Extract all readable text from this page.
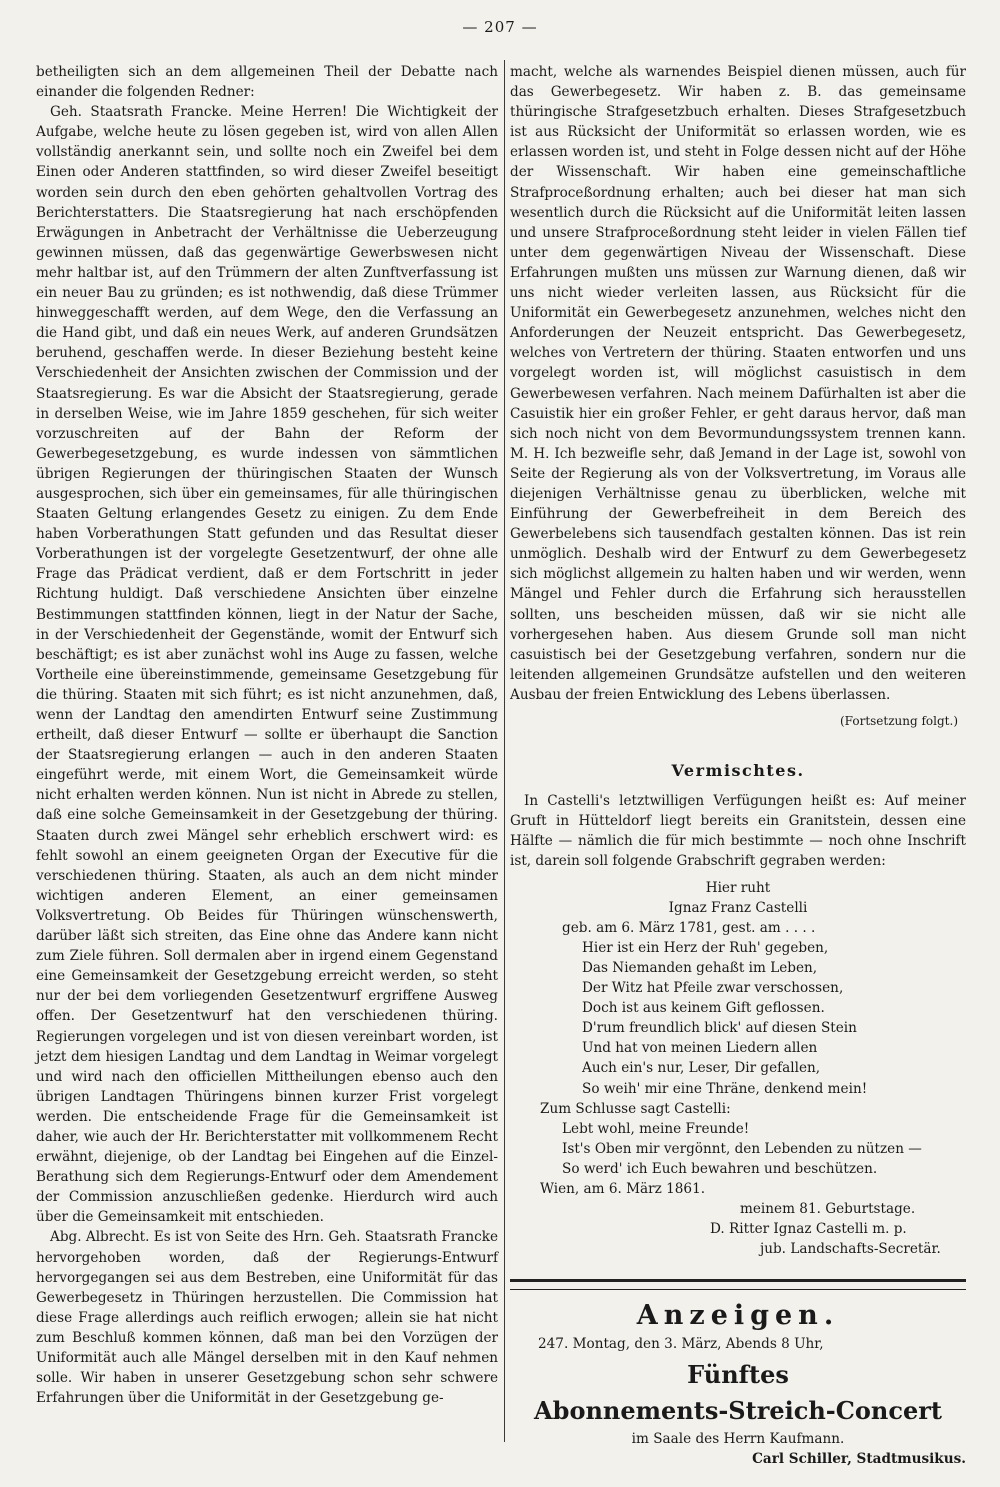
— 207 —

betheiligten sich an dem allgemeinen Theil der Debatte nach einander die folgenden Redner:

Geh. Staatsrath Francke. Meine Herren! Die Wichtigkeit der Aufgabe, welche heute zu lösen gegeben ist, wird von allen Allen vollständig anerkannt sein, und sollte noch ein Zweifel bei dem Einen oder Anderen stattfinden, so wird dieser Zweifel beseitigt worden sein durch den eben gehörten gehaltvollen Vortrag des Berichterstatters. Die Staatsregierung hat nach erschöpfenden Erwägungen in Anbetracht der Verhältnisse die Ueberzeugung gewinnen müssen, daß das gegenwärtige Gewerbswesen nicht mehr haltbar ist, auf den Trümmern der alten Zunftverfassung ist ein neuer Bau zu gründen; es ist nothwendig, daß diese Trümmer hinweggeschafft werden, auf dem Wege, den die Verfassung an die Hand gibt, und daß ein neues Werk, auf anderen Grundsätzen beruhend, geschaffen werde. In dieser Beziehung besteht keine Verschiedenheit der Ansichten zwischen der Commission und der Staatsregierung. Es war die Absicht der Staatsregierung, gerade in derselben Weise, wie im Jahre 1859 geschehen, für sich weiter vorzuschreiten auf der Bahn der Reform der Gewerbegesetzgebung, es wurde indessen von sämmtlichen übrigen Regierungen der thüringischen Staaten der Wunsch ausgesprochen, sich über ein gemeinsames, für alle thüringischen Staaten Geltung erlangendes Gesetz zu einigen. Zu dem Ende haben Vorberathungen Statt gefunden und das Resultat dieser Vorberathungen ist der vorgelegte Gesetzentwurf, der ohne alle Frage das Prädicat verdient, daß er dem Fortschritt in jeder Richtung huldigt. Daß verschiedene Ansichten über einzelne Bestimmungen stattfinden können, liegt in der Natur der Sache, in der Verschiedenheit der Gegenstände, womit der Entwurf sich beschäftigt; es ist aber zunächst wohl ins Auge zu fassen, welche Vortheile eine übereinstimmende, gemeinsame Gesetzgebung für die thüring. Staaten mit sich führt; es ist nicht anzunehmen, daß, wenn der Landtag den amendirten Entwurf seine Zustimmung ertheilt, daß dieser Entwurf — sollte er überhaupt die Sanction der Staatsregierung erlangen — auch in den anderen Staaten eingeführt werde, mit einem Wort, die Gemeinsamkeit würde nicht erhalten werden können. Nun ist nicht in Abrede zu stellen, daß eine solche Gemeinsamkeit in der Gesetzgebung der thüring. Staaten durch zwei Mängel sehr erheblich erschwert wird: es fehlt sowohl an einem geeigneten Organ der Executive für die verschiedenen thüring. Staaten, als auch an dem nicht minder wichtigen anderen Element, an einer gemeinsamen Volksvertretung. Ob Beides für Thüringen wünschenswerth, darüber läßt sich streiten, das Eine ohne das Andere kann nicht zum Ziele führen. Soll dermalen aber in irgend einem Gegenstand eine Gemeinsamkeit der Gesetzgebung erreicht werden, so steht nur der bei dem vorliegenden Gesetzentwurf ergriffene Ausweg offen. Der Gesetzentwurf hat den verschiedenen thüring. Regierungen vorgelegen und ist von diesen vereinbart worden, ist jetzt dem hiesigen Landtag und dem Landtag in Weimar vorgelegt und wird nach den officiellen Mittheilungen ebenso auch den übrigen Landtagen Thüringens binnen kurzer Frist vorgelegt werden. Die entscheidende Frage für die Gemeinsamkeit ist daher, wie auch der Hr. Berichterstatter mit vollkommenem Recht erwähnt, diejenige, ob der Landtag bei Eingehen auf die Einzel-Berathung sich dem Regierungs-Entwurf oder dem Amendement der Commission anzuschließen gedenke. Hierdurch wird auch über die Gemeinsamkeit mit entschieden.

Abg. Albrecht. Es ist von Seite des Hrn. Geh. Staatsrath Francke hervorgehoben worden, daß der Regierungs-Entwurf hervorgegangen sei aus dem Bestreben, eine Uniformität für das Gewerbegesetz in Thüringen herzustellen. Die Commission hat diese Frage allerdings auch reiflich erwogen; allein sie hat nicht zum Beschluß kommen können, daß man bei den Vorzügen der Uniformität auch alle Mängel derselben mit in den Kauf nehmen solle. Wir haben in unserer Gesetzgebung schon sehr schwere Erfahrungen über die Uniformität in der Gesetzgebung ge-

macht, welche als warnendes Beispiel dienen müssen, auch für das Gewerbegesetz. Wir haben z. B. das gemeinsame thüringische Strafgesetzbuch erhalten. Dieses Strafgesetzbuch ist aus Rücksicht der Uniformität so erlassen worden, wie es erlassen worden ist, und steht in Folge dessen nicht auf der Höhe der Wissenschaft. Wir haben eine gemeinschaftliche Strafproceßordnung erhalten; auch bei dieser hat man sich wesentlich durch die Rücksicht auf die Uniformität leiten lassen und unsere Strafproceßordnung steht leider in vielen Fällen tief unter dem gegenwärtigen Niveau der Wissenschaft. Diese Erfahrungen mußten uns müssen zur Warnung dienen, daß wir uns nicht wieder verleiten lassen, aus Rücksicht für die Uniformität ein Gewerbegesetz anzunehmen, welches nicht den Anforderungen der Neuzeit entspricht. Das Gewerbegesetz, welches von Vertretern der thüring. Staaten entworfen und uns vorgelegt worden ist, will möglichst casuistisch in dem Gewerbewesen verfahren. Nach meinem Dafürhalten ist aber die Casuistik hier ein großer Fehler, er geht daraus hervor, daß man sich noch nicht von dem Bevormundungssystem trennen kann. M. H. Ich bezweifle sehr, daß Jemand in der Lage ist, sowohl von Seite der Regierung als von der Volksvertretung, im Voraus alle diejenigen Verhältnisse genau zu überblicken, welche mit Einführung der Gewerbefreiheit in dem Bereich des Gewerbelebens sich tausendfach gestalten können. Das ist rein unmöglich. Deshalb wird der Entwurf zu dem Gewerbegesetz sich möglichst allgemein zu halten haben und wir werden, wenn Mängel und Fehler durch die Erfahrung sich herausstellen sollten, uns bescheiden müssen, daß wir sie nicht alle vorhergesehen haben. Aus diesem Grunde soll man nicht casuistisch bei der Gesetzgebung verfahren, sondern nur die leitenden allgemeinen Grundsätze aufstellen und den weiteren Ausbau der freien Entwicklung des Lebens überlassen.

(Fortsetzung folgt.)

Vermischtes.

In Castelli's letztwilligen Verfügungen heißt es: Auf meiner Gruft in Hütteldorf liegt bereits ein Granitstein, dessen eine Hälfte — nämlich die für mich bestimmte — noch ohne Inschrift ist, darein soll folgende Grabschrift gegraben werden:

Hier ruht
Ignaz Franz Castelli
geb. am 6. März 1781, gest. am . . . .
Hier ist ein Herz der Ruh' gegeben,
Das Niemanden gehaßt im Leben,
Der Witz hat Pfeile zwar verschossen,
Doch ist aus keinem Gift geflossen.
D'rum freundlich blick' auf diesen Stein
Und hat von meinen Liedern allen
Auch ein's nur, Leser, Dir gefallen,
So weih' mir eine Thräne, denkend mein!
Zum Schlusse sagt Castelli:
Lebt wohl, meine Freunde!
Ist's Oben mir vergönnt, den Lebenden zu nützen —
So werd' ich Euch bewahren und beschützen.
Wien, am 6. März 1861.
meinem 81. Geburtstage.
D. Ritter Ignaz Castelli m. p.
jub. Landschafts-Secretär.

Anzeigen.

247. Montag, den 3. März, Abends 8 Uhr,

Fünftes

Abonnements-Streich-Concert

im Saale des Herrn Kaufmann.

Carl Schiller, Stadtmusikus.
